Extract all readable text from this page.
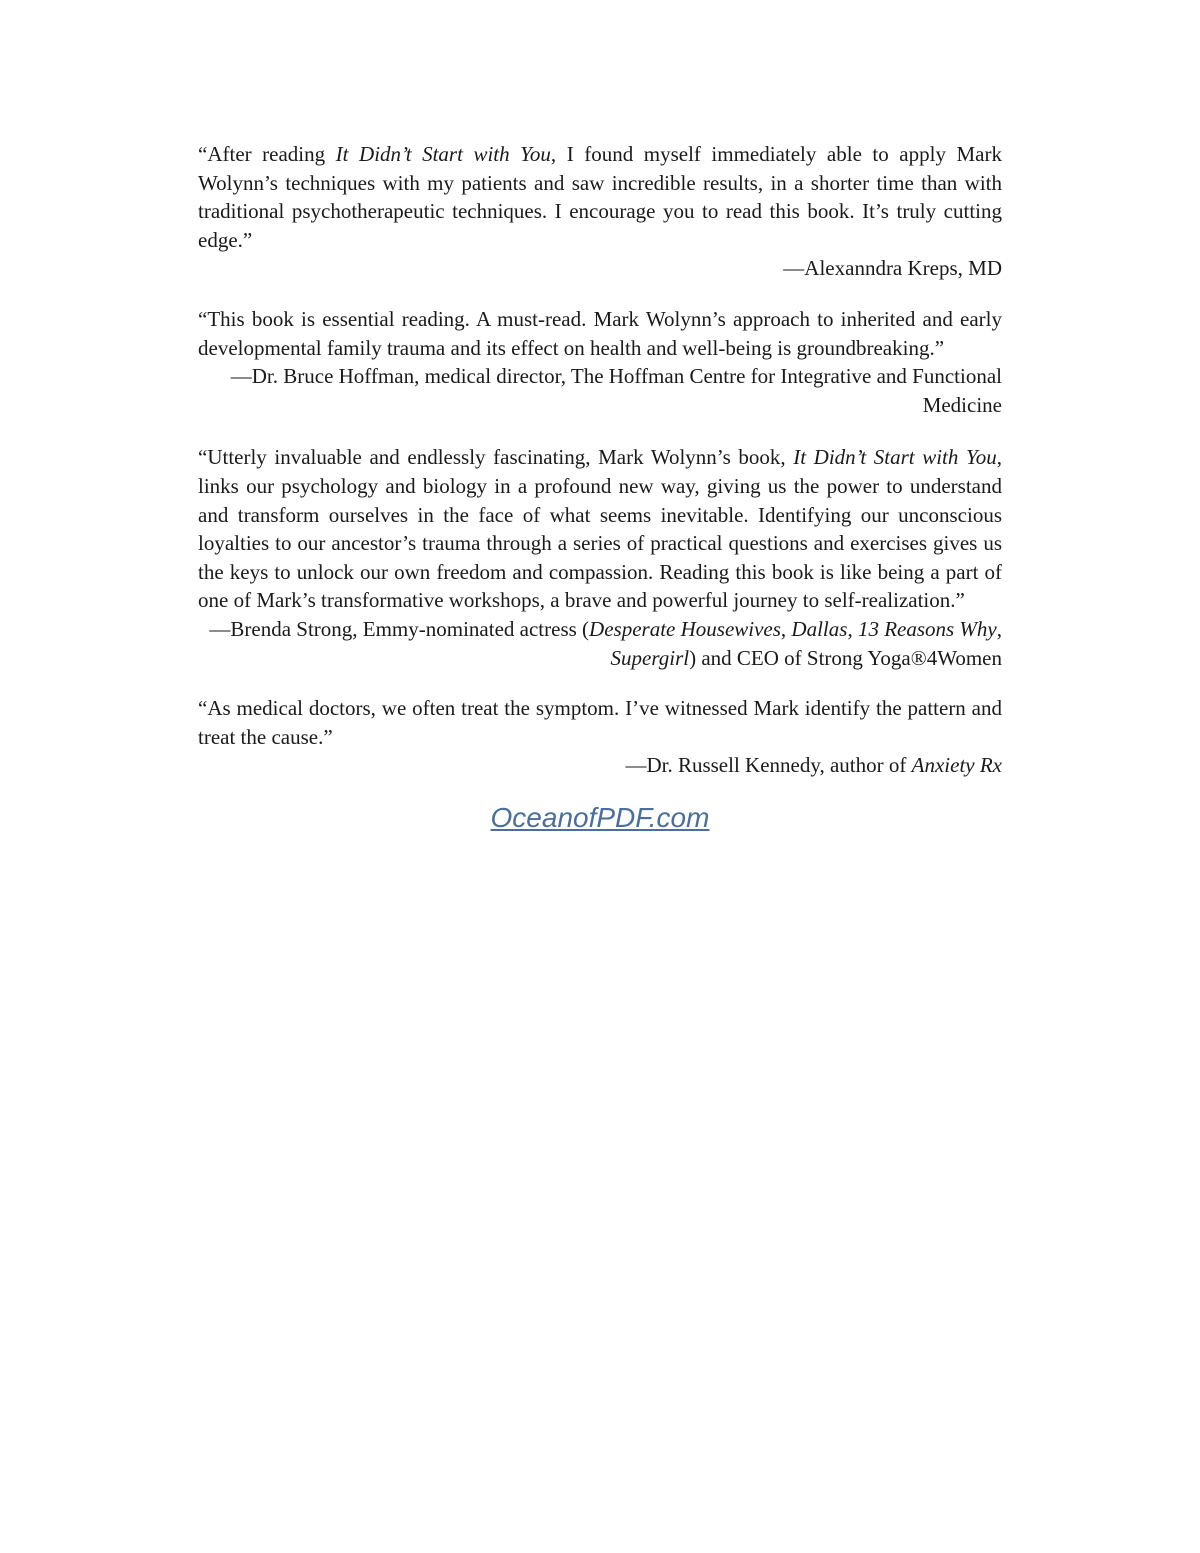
“After reading It Didn’t Start with You, I found myself immediately able to apply Mark Wolynn’s techniques with my patients and saw incredible results, in a shorter time than with traditional psychotherapeutic techniques. I encourage you to read this book. It’s truly cutting edge.”

—Alexanndra Kreps, MD

“This book is essential reading. A must-read. Mark Wolynn’s approach to inherited and early developmental family trauma and its effect on health and well-being is groundbreaking.”

—Dr. Bruce Hoffman, medical director, The Hoffman Centre for Integrative and Functional Medicine

“Utterly invaluable and endlessly fascinating, Mark Wolynn’s book, It Didn’t Start with You, links our psychology and biology in a profound new way, giving us the power to understand and transform ourselves in the face of what seems inevitable. Identifying our unconscious loyalties to our ancestor’s trauma through a series of practical questions and exercises gives us the keys to unlock our own freedom and compassion. Reading this book is like being a part of one of Mark’s transformative workshops, a brave and powerful journey to self-realization.”

—Brenda Strong, Emmy-nominated actress (Desperate Housewives, Dallas, 13 Reasons Why, Supergirl) and CEO of Strong Yoga®4Women

“As medical doctors, we often treat the symptom. I’ve witnessed Mark identify the pattern and treat the cause.”

—Dr. Russell Kennedy, author of Anxiety Rx

OceanofPDF.com
